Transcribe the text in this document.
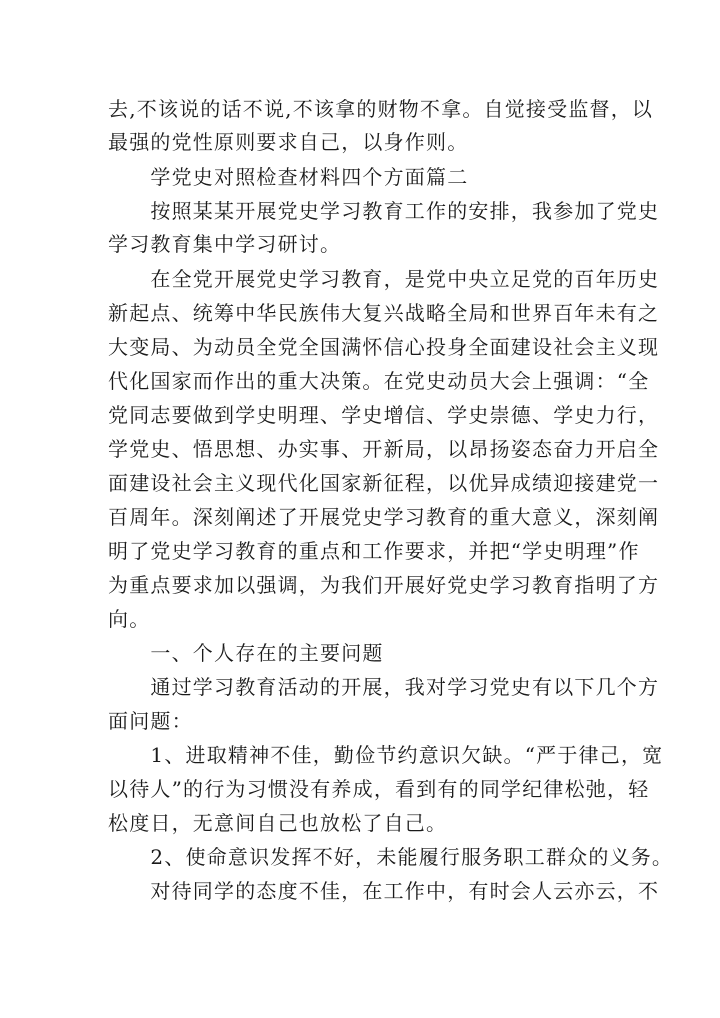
去,不该说的话不说,不该拿的财物不拿。自觉接受监督，以
最强的党性原则要求自己，以身作则。
　　学党史对照检查材料四个方面篇二
　　按照某某开展党史学习教育工作的安排，我参加了党史
学习教育集中学习研讨。
　　在全党开展党史学习教育，是党中央立足党的百年历史
新起点、统筹中华民族伟大复兴战略全局和世界百年未有之
大变局、为动员全党全国满怀信心投身全面建设社会主义现
代化国家而作出的重大决策。在党史动员大会上强调：“全
党同志要做到学史明理、学史增信、学史崇德、学史力行，
学党史、悟思想、办实事、开新局，以昂扬姿态奋力开启全
面建设社会主义现代化国家新征程，以优异成绩迎接建党一
百周年。深刻阐述了开展党史学习教育的重大意义，深刻阐
明了党史学习教育的重点和工作要求，并把“学史明理”作
为重点要求加以强调，为我们开展好党史学习教育指明了方
向。
　　一、个人存在的主要问题
　　通过学习教育活动的开展，我对学习党史有以下几个方
面问题：
　　1、进取精神不佳，勤俭节约意识欠缺。“严于律己，宽
以待人”的行为习惯没有养成，看到有的同学纪律松弛，轻
松度日，无意间自己也放松了自己。
　　2、使命意识发挥不好，未能履行服务职工群众的义务。
　　对待同学的态度不佳，在工作中，有时会人云亦云，不
